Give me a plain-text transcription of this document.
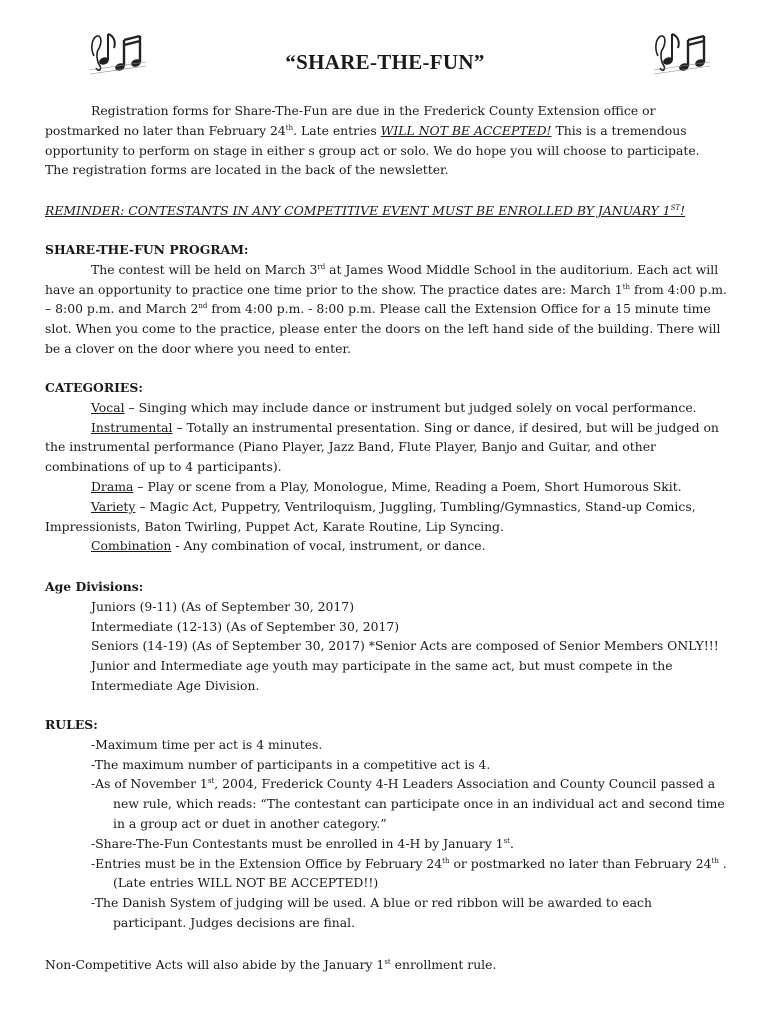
“SHARE-THE-FUN”

Registration forms for Share-The-Fun are due in the Frederick County Extension office or postmarked no later than February 24th. Late entries WILL NOT BE ACCEPTED! This is a tremendous opportunity to perform on stage in either s group act or solo. We do hope you will choose to participate. The registration forms are located in the back of the newsletter.

REMINDER: CONTESTANTS IN ANY COMPETITIVE EVENT MUST BE ENROLLED BY JANUARY 1ST!

SHARE-THE-FUN PROGRAM:

The contest will be held on March 3rd at James Wood Middle School in the auditorium. Each act will have an opportunity to practice one time prior to the show. The practice dates are: March 1th from 4:00 p.m. – 8:00 p.m. and March 2nd from 4:00 p.m. - 8:00 p.m. Please call the Extension Office for a 15 minute time slot. When you come to the practice, please enter the doors on the left hand side of the building. There will be a clover on the door where you need to enter.

CATEGORIES:

Vocal – Singing which may include dance or instrument but judged solely on vocal performance.

Instrumental – Totally an instrumental presentation. Sing or dance, if desired, but will be judged on the instrumental performance (Piano Player, Jazz Band, Flute Player, Banjo and Guitar, and other combinations of up to 4 participants).

Drama – Play or scene from a Play, Monologue, Mime, Reading a Poem, Short Humorous Skit.

Variety – Magic Act, Puppetry, Ventriloquism, Juggling, Tumbling/Gymnastics, Stand-up Comics, Impressionists, Baton Twirling, Puppet Act, Karate Routine, Lip Syncing.

Combination - Any combination of vocal, instrument, or dance.

Age Divisions:

Juniors (9-11) (As of September 30, 2017)

Intermediate (12-13) (As of September 30, 2017)

Seniors (14-19) (As of September 30, 2017) *Senior Acts are composed of Senior Members ONLY!!!

Junior and Intermediate age youth may participate in the same act, but must compete in the Intermediate Age Division.

RULES:

-Maximum time per act is 4 minutes.

-The maximum number of participants in a competitive act is 4.

-As of November 1st, 2004, Frederick County 4-H Leaders Association and County Council passed a new rule, which reads: “The contestant can participate once in an individual act and second time in a group act or duet in another category.”

-Share-The-Fun Contestants must be enrolled in 4-H by January 1st.

-Entries must be in the Extension Office by February 24th or postmarked no later than February 24th . (Late entries WILL NOT BE ACCEPTED!!)

-The Danish System of judging will be used. A blue or red ribbon will be awarded to each participant. Judges decisions are final.

Non-Competitive Acts will also abide by the January 1st enrollment rule.
